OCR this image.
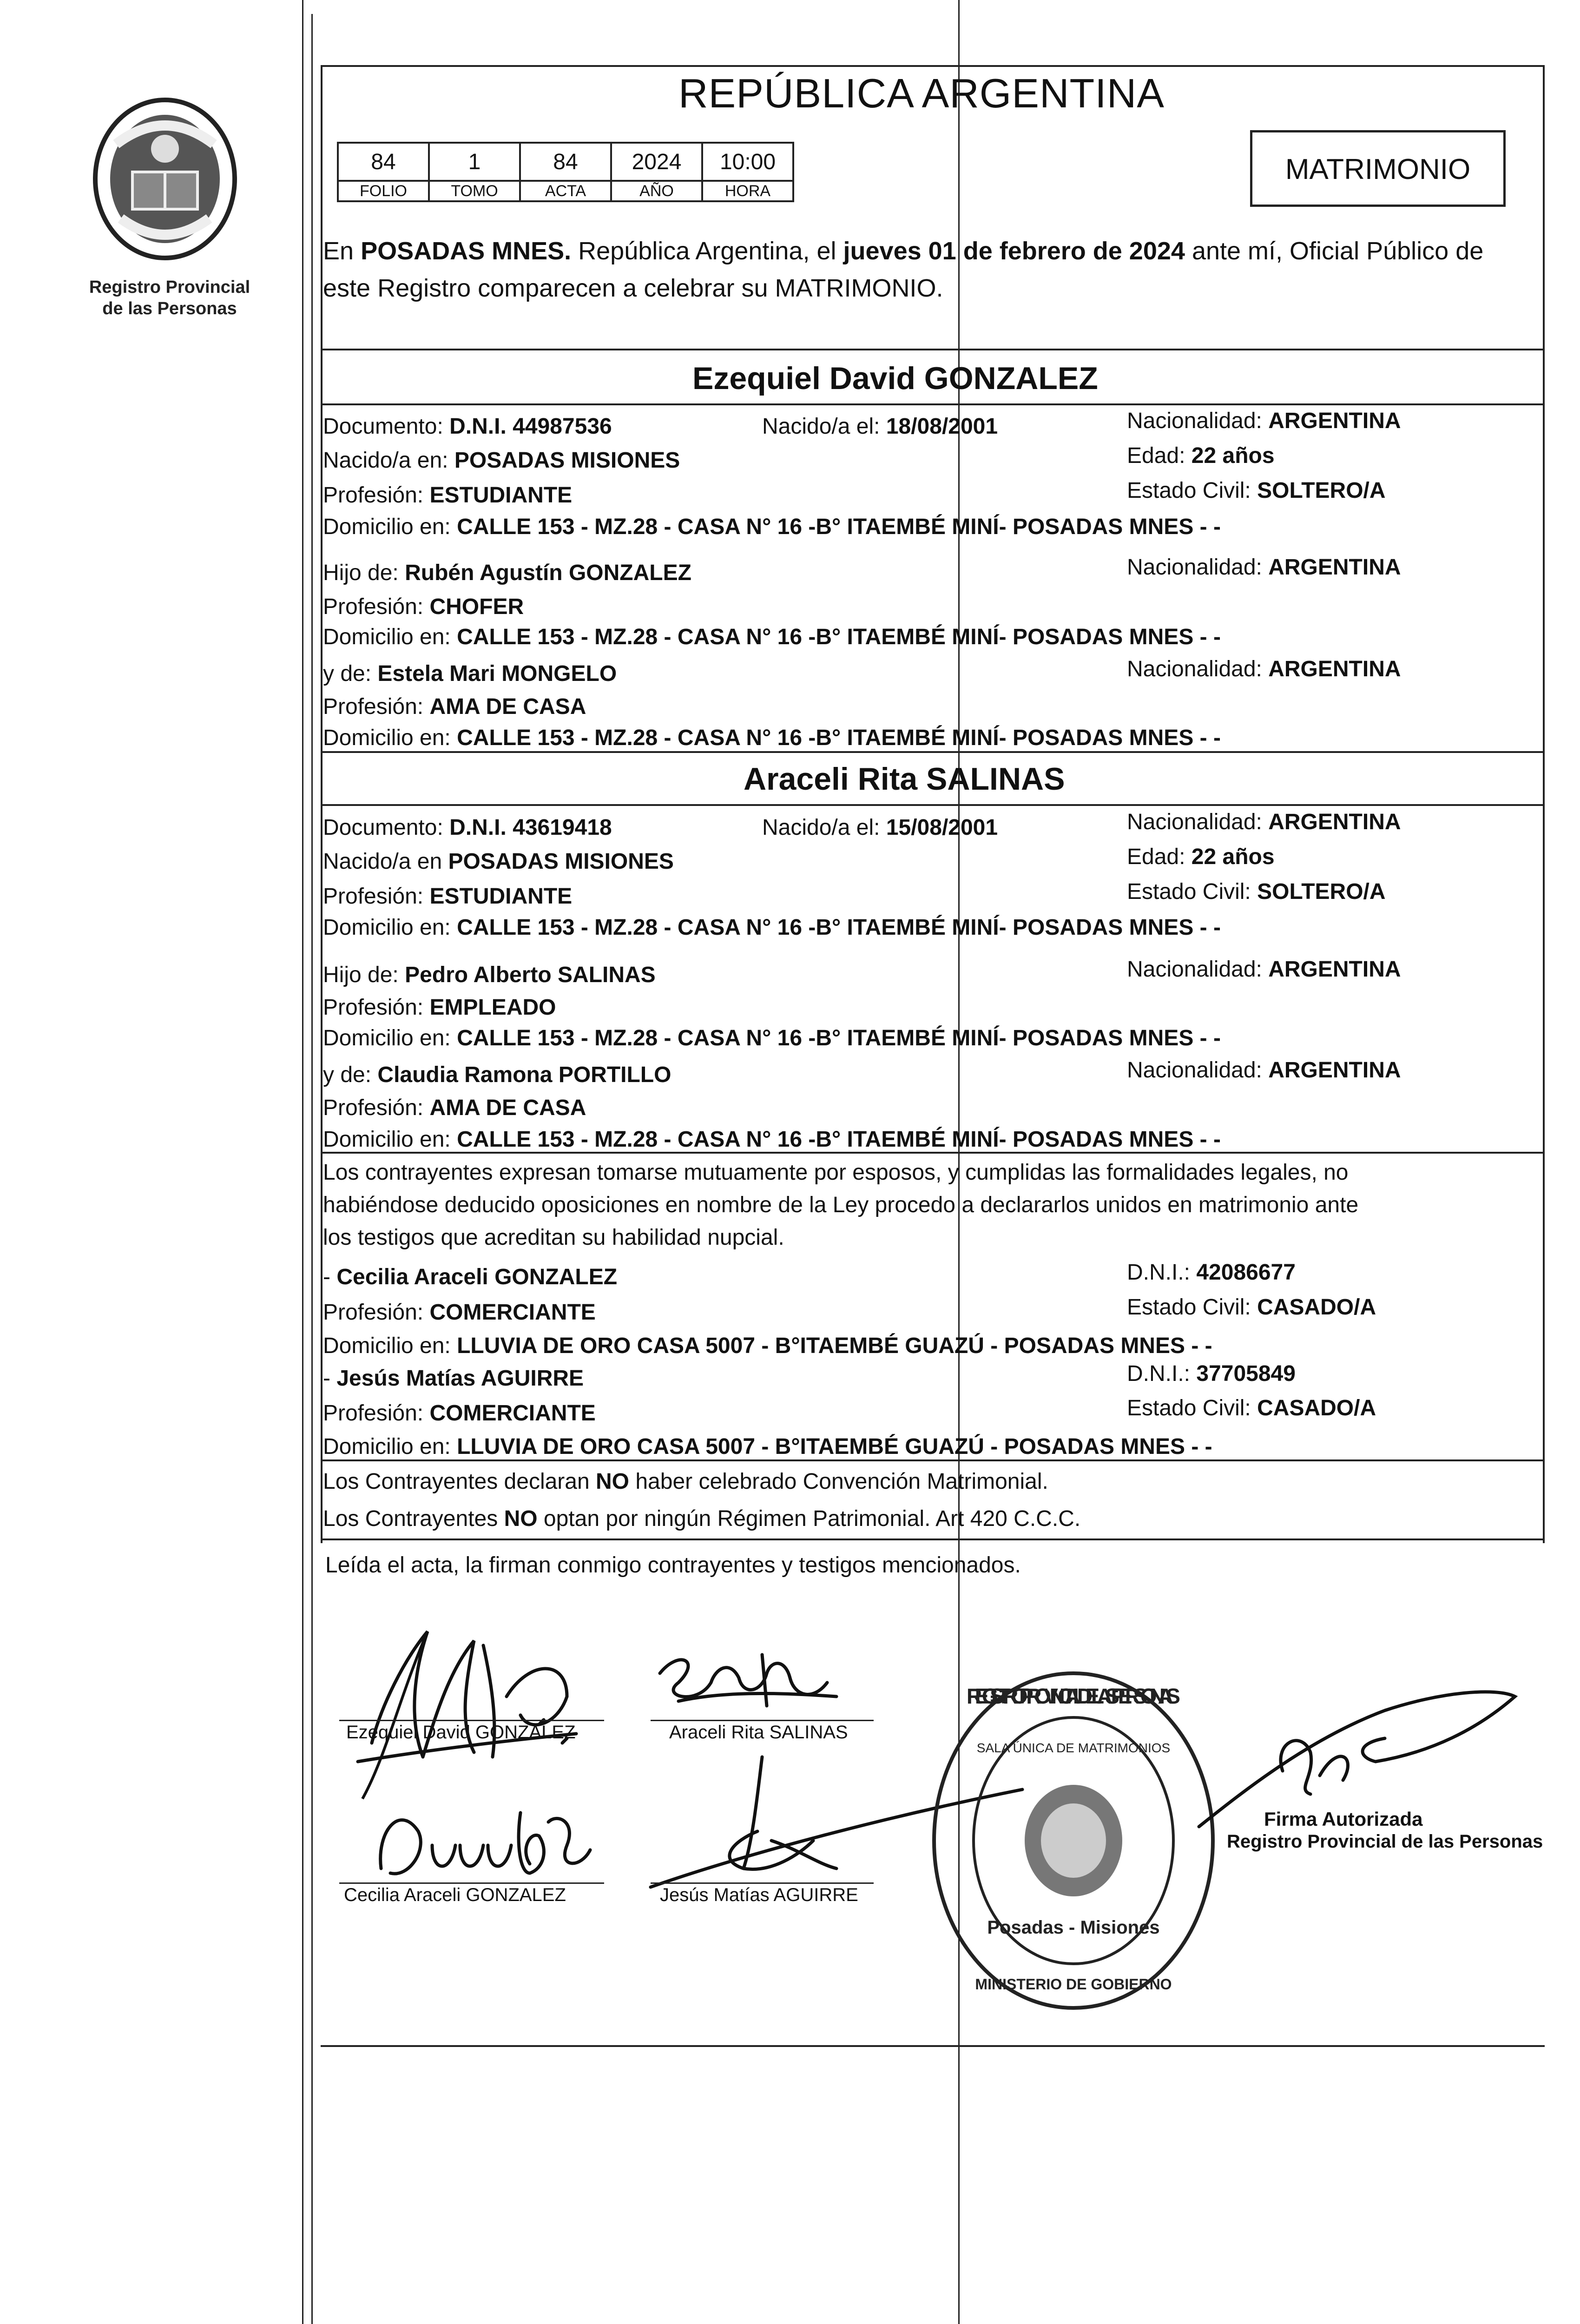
Registro Provincial
de las Personas
REPÚBLICA ARGENTINA
84	1	84	2024	10:00
FOLIO	TOMO	ACTA	AÑO	HORA
MATRIMONIO
En POSADAS MNES. República Argentina, el jueves 01 de febrero de 2024 ante mí, Oficial Público de este Registro comparecen a celebrar su MATRIMONIO.
Ezequiel David GONZALEZ
Documento: D.N.I. 44987536	Nacido/a el: 18/08/2001	Nacionalidad: ARGENTINA
Nacido/a en: POSADAS MISIONES	Edad: 22 años
Profesión: ESTUDIANTE	Estado Civil: SOLTERO/A
Domicilio en: CALLE 153 - MZ.28 - CASA N° 16 -B° ITAEMBÉ MINÍ- POSADAS MNES - -
Hijo de: Rubén Agustín GONZALEZ	Nacionalidad: ARGENTINA
Profesión: CHOFER
Domicilio en: CALLE 153 - MZ.28 - CASA N° 16 -B° ITAEMBÉ MINÍ- POSADAS MNES - -
y de: Estela Mari MONGELO	Nacionalidad: ARGENTINA
Profesión: AMA DE CASA
Domicilio en: CALLE 153 - MZ.28 - CASA N° 16 -B° ITAEMBÉ MINÍ- POSADAS MNES - -
Araceli Rita SALINAS
Documento: D.N.I. 43619418	Nacido/a el: 15/08/2001	Nacionalidad: ARGENTINA
Nacido/a en POSADAS MISIONES	Edad: 22 años
Profesión: ESTUDIANTE	Estado Civil: SOLTERO/A
Domicilio en: CALLE 153 - MZ.28 - CASA N° 16 -B° ITAEMBÉ MINÍ- POSADAS MNES - -
Hijo de: Pedro Alberto SALINAS	Nacionalidad: ARGENTINA
Profesión: EMPLEADO
Domicilio en: CALLE 153 - MZ.28 - CASA N° 16 -B° ITAEMBÉ MINÍ- POSADAS MNES - -
y de: Claudia Ramona PORTILLO	Nacionalidad: ARGENTINA
Profesión: AMA DE CASA
Domicilio en: CALLE 153 - MZ.28 - CASA N° 16 -B° ITAEMBÉ MINÍ- POSADAS MNES - -
Los contrayentes expresan tomarse mutuamente por esposos, y cumplidas las formalidades legales, no
habiéndose deducido oposiciones en nombre de la Ley procedo a declararlos unidos en matrimonio ante
los testigos que acreditan su habilidad nupcial.
- Cecilia Araceli GONZALEZ	D.N.I.: 42086677
Profesión: COMERCIANTE	Estado Civil: CASADO/A
Domicilio en: LLUVIA DE ORO CASA 5007 - B°ITAEMBÉ GUAZÚ - POSADAS MNES - -
- Jesús Matías AGUIRRE	D.N.I.: 37705849
Profesión: COMERCIANTE	Estado Civil: CASADO/A
Domicilio en: LLUVIA DE ORO CASA 5007 - B°ITAEMBÉ GUAZÚ - POSADAS MNES - -
Los Contrayentes declaran NO haber celebrado Convención Matrimonial.
Los Contrayentes NO optan por ningún Régimen Patrimonial. Art 420 C.C.C.
Leída el acta, la firman conmigo contrayentes y testigos mencionados.
Ezequiel David GONZALEZ	Araceli Rita SALINAS
Cecilia Araceli GONZALEZ	Jesús Matías AGUIRRE
REGISTRO PROVINCIAL DE LAS PERSONAS
SALA ÚNICA DE MATRIMONIOS
Posadas - Misiones
MINISTERIO DE GOBIERNO
Firma Autorizada
Registro Provincial de las Personas
